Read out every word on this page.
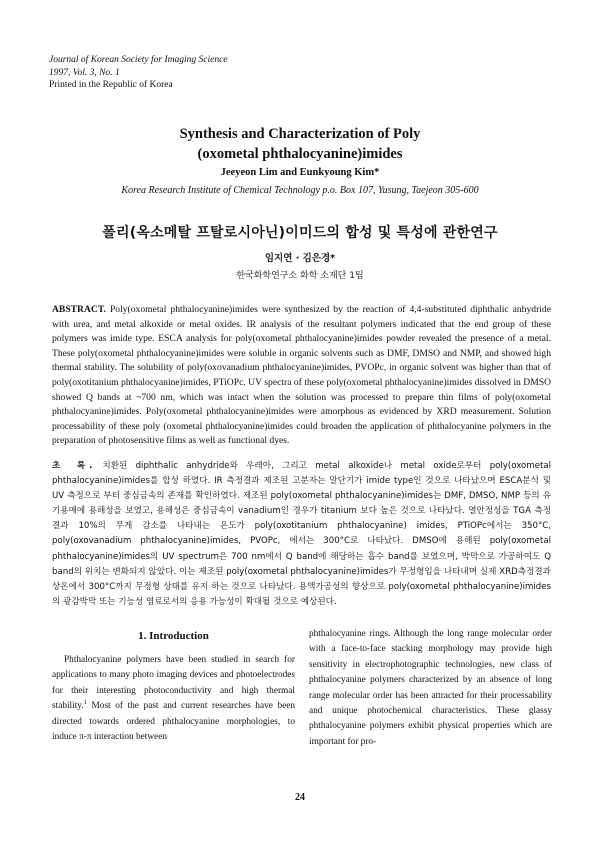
Journal of Korean Society for Imaging Science
1997, Vol. 3, No. 1
Printed in the Republic of Korea
Synthesis and Characterization of Poly
(oxometal phthalocyanine)imides
Jeeyeon Lim and Eunkyoung Kim*
Korea Research Institute of Chemical Technology p.o. Box 107, Yusung, Taejeon 305-600
폴리(옥소메탈 프탈로시아닌)이미드의 합성 및 특성에 관한연구
임지연 · 김은경*
한국화학연구소 화학 소재단 1팀
ABSTRACT. Poly(oxometal phthalocyanine)imides were synthesized by the reaction of 4,4-substituted diphthalic anhydride with urea, and metal alkoxide or metal oxides. IR analysis of the resultant polymers indicated that the end group of these polymers was imide type. ESCA analysis for poly(oxometal phthalocyanine)imides powder revealed the presence of a metal. These poly(oxometal phthalocyanine)imides were soluble in organic solvents such as DMF, DMSO and NMP, and showed high thermal stability. The solubility of poly(oxovanadium phthalocyanine)imides, PVOPc, in organic solvent was higher than that of poly(oxotitanium phthalocyanine)imides, PTiOPc. UV spectra of these poly(oxometal phthalocyanine)imides dissolved in DMSO showed Q bands at ~700 nm, which was intact when the solution was processed to prepare thin films of poly(oxometal phthalocyanine)imides. Poly(oxometal phthalocyanine)imides were amorphous as evidenced by XRD measurement. Solution processability of these poly (oxometal phthalocyanine)imides could broaden the application of phthalocyanine polymers in the preparation of photosensitive films as well as functional dyes.
초 록. 치환된 diphthalic anhydride와 우레아, 그리고 metal alkoxide나 metal oxide로부터 poly(oxometal phthalocyanine)imides를 합성 하였다. IR 측정결과 제조된 고분자는 말단기가 imide type인 것으로 나타났으며 ESCA분석 및 UV 측정으로 부터 중심금속의 존재를 확인하였다. 제조된 poly(oxometal phthalocyanine)imides는 DMF, DMSO, NMP 등의 유기용매에 용해성을 보였고, 용해성은 중심금속이 vanadium인 경우가 titanium 보다 높은 것으로 나타났다. 열안정성을 TGA 측정 결과 10%의 무게 감소를 나타내는 온도가 poly(oxotitanium phthalocyanine) imides, PTiOPc에서는 350°C, poly(oxovanadium phthalocyanine)imides, PVOPc, 에서는 300°C로 나타났다. DMSO에 용해된 poly(oxometal phthalocyanine)imides의 UV spectrum은 700 nm에서 Q band에 해당하는 흡수 band를 보였으며, 박막으로 가공하여도 Q band의 위치는 변화되지 않았다. 이는 제조된 poly(oxometal phthalocyanine)imides가 무정형임을 나타내며 실제 XRD측정결과 상온에서 300°C까지 무정형 상태를 유지 하는 것으로 나타났다. 용액가공성의 향상으로 poly(oxometal phthalocyanine)imides의 광감박막 또는 기능성 염료로서의 응용 가능성이 확대될 것으로 예상된다.
1. Introduction

Phthalocyanine polymers have been studied in search for applications to many photo imaging devices and photoelectrodes for their interesting photoconductivity and high thermal stability.$^1$ Most of the past and current researches have been directed towards ordered phthalocyanine morphologies, to induce π-π interaction between

phthalocyanine rings. Although the long range molecular order with a face-to-face stacking morphology may provide high sensitivity in electrophotographic technologies, new class of phthalocyanine polymers characterized by an absence of long range molecular order has been attracted for their processability and unique photochemical characteristics. These glassy phthalocyanine polymers exhibit physical properties which are important for pro-

24
